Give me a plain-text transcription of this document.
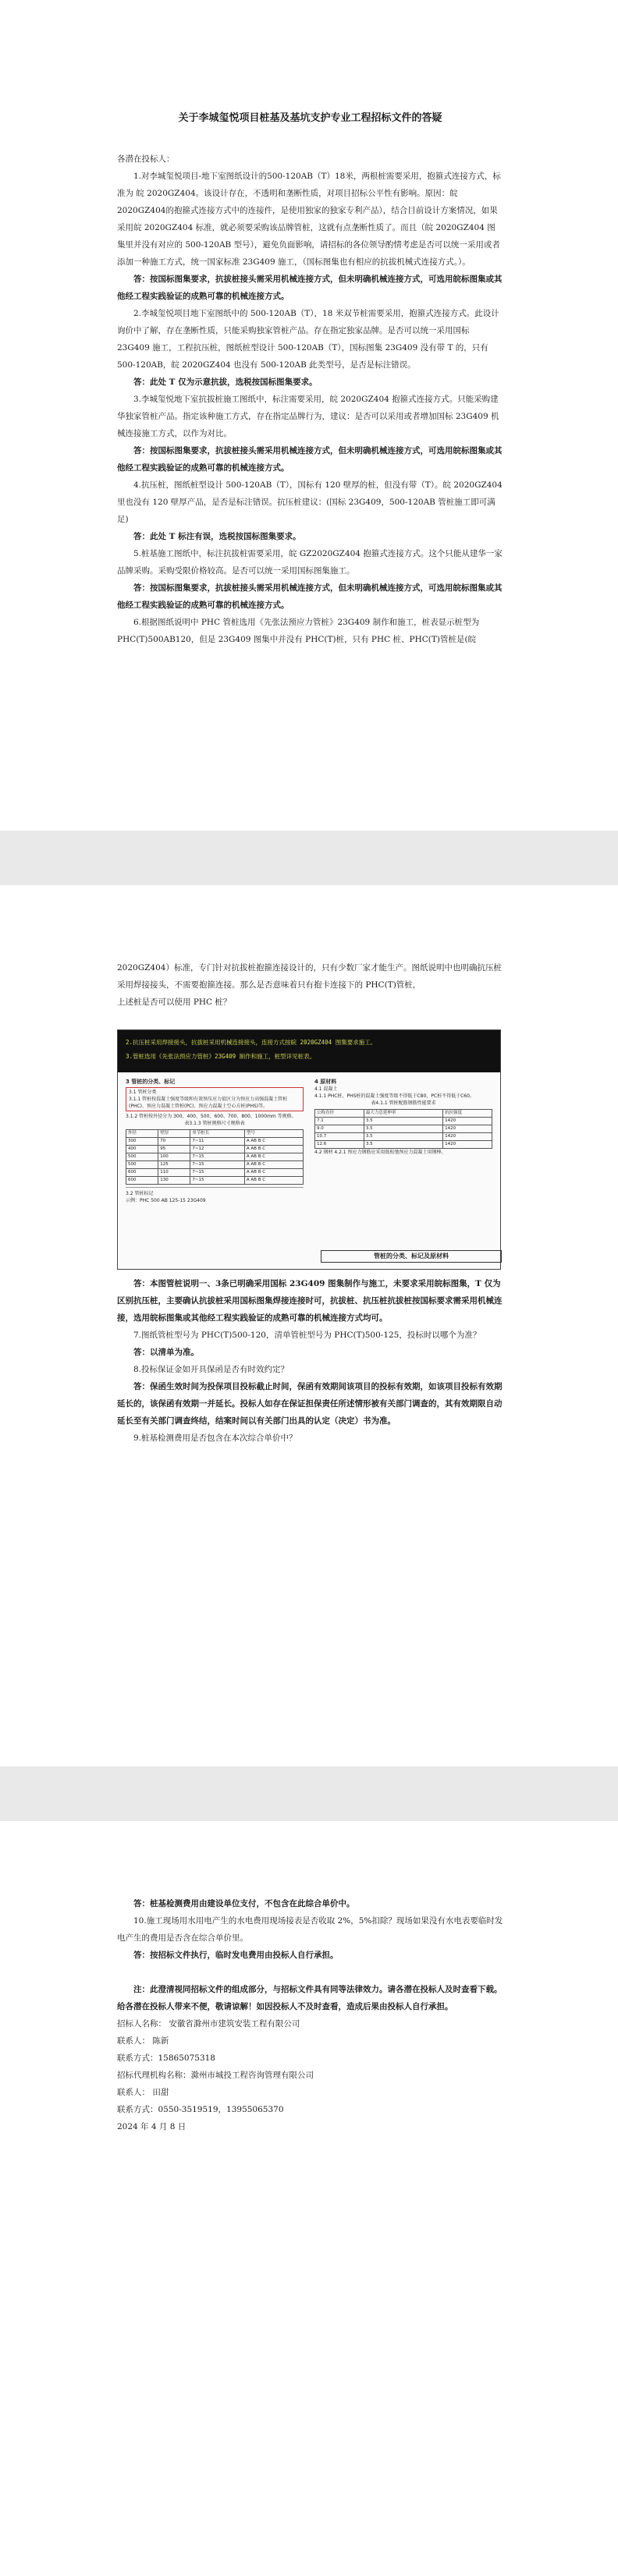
关于李城玺悦项目桩基及基坑支护专业工程招标文件的答疑

各潜在投标人：

1.对李城玺悦项目-地下室图纸设计的500-120AB（T）18米，两根桩需要采用，抱箍式连接方式，标准为 皖 2020GZ404。该设计存在，不透明和垄断性质，对项目招标公平性有影响。原因：皖 2020GZ404的抱箍式连接方式中的连接件，是使用独家的独家专利产品），结合目前设计方案情况，如果采用皖 2020GZ404 标准，就必须要采购该品牌管桩，这就有点垄断性质了。而且（皖 2020GZ404 图集里并没有对应的 500-120AB 型号），避免负面影响，请招标的各位领导酌情考虑是否可以统一采用或者添加一种施工方式，统一国家标准 23G409 施工，（国标图集也有相应的抗拔机械式连接方式。）。

答：按国标图集要求，抗拔桩接头需采用机械连接方式，但未明确机械连接方式，可选用皖标图集或其他经工程实践验证的成熟可靠的机械连接方式。

2.李城玺悦项目地下室图纸中的 500-120AB（T），18 米双节桩需要采用，抱箍式连接方式。此设计询价中了解，存在垄断性质，只能采购独家管桩产品。存在指定独家品牌。是否可以统一采用国标 23G409 施工，工程抗压桩，图纸桩型设计 500-120AB（T），国标图集 23G409 没有带 T 的，只有 500-120AB，皖 2020GZ404 也没有 500-120AB 此类型号，是否是标注错误。

答：此处 T 仅为示意抗拔，选税按国标图集要求。

3.李城玺悦地下室抗拔桩施工图纸中，标注需要采用，皖 2020GZ404 抱箍式连接方式。只能采购建华独家管桩产品。指定该种施工方式，存在指定品牌行为，建议：是否可以采用或者增加国标 23G409 机械连接施工方式，以作为对比。

答：按国标图集要求，抗拔桩接头需采用机械连接方式，但未明确机械连接方式，可选用皖标图集或其他经工程实践验证的成熟可靠的机械连接方式。

4.抗压桩，图纸桩型设计 500-120AB（T），国标有 120 壁厚的桩，但没有带（T）。皖 2020GZ404 里也没有 120 壁厚产品，是否是标注错误。抗压桩建议：(国标 23G409，500-120AB 管桩施工即可满足)

答：此处 T 标注有误，选税按国标图集要求。

5.桩基施工图纸中，标注抗拔桩需要采用，皖 GZ2020GZ404 抱箍式连接方式。这个只能从建华一家品牌采购。采购受限价格较高。是否可以统一采用国标图集施工。

答：按国标图集要求，抗拔桩接头需采用机械连接方式，但未明确机械连接方式，可选用皖标图集或其他经工程实践验证的成熟可靠的机械连接方式。

6.根据图纸说明中 PHC 管桩选用《先张法预应力管桩》23G409 制作和施工，桩表显示桩型为 PHC(T)500AB120，但是 23G409 图集中并没有 PHC(T)桩，只有 PHC 桩、PHC(T)管桩是(皖

2020GZ404）标准，专门针对抗拔桩抱箍连接设计的，只有少数厂家才能生产。图纸说明中也明确抗压桩采用焊接接头，不需要抱箍连接。那么是否意味着只有抱卡连接下的 PHC(T)管桩，

上述桩是否可以使用 PHC 桩？

2.抗压桩采用焊接接头，抗拔桩采用机械连接接头，连接方式按皖 2020GZ404 图集要求施工。
3.管桩选用《先张法预应力管桩》23G409 制作和施工，桩型详见桩表。
3 管桩的分类、标记
3.1 管桩分类
3.1.1 管桩按混凝土强度等级和有效预压应力值区分为预应力高强混凝土管桩(PHC)、预应力混凝土管桩(PC)、预应力混凝土空心方桩(PHS)等。
3.1.2 管桩按外径分为 300、400、500、600、700、800、1000mm 等规格。
表3.1.3 管桩规格尺寸规格表
外径	壁厚	单节桩长	型号
300	70	7~11	A AB B C
400	95	7~12	A AB B C
500	100	7~15	A AB B C
500	125	7~15	A AB B C
600	110	7~15	A AB B C
600	130	7~15	A AB B C
3.2 管桩标记
示例：PHC 500 AB 125-15 23G409
4 原材料
4.1 混凝土
4.1.1 PHC桩、PHS桩的混凝土强度等级不得低于C80，PC桩不得低于C60。
表4.1.1 管桩配筋钢筋性能要求
公称直径	最大力总延伸率	抗拉强度
7.1	3.5	1420
9.0	3.5	1420
10.7	3.5	1420
12.6	3.5	1420
4.2 钢材 4.2.1 预应力钢筋应采用低松弛预应力混凝土用钢棒。
管桩的分类、标记及原材料

答：本图管桩说明一、3条已明确采用国标 23G409 图集制作与施工，未要求采用皖标图集，T 仅为区别抗压桩，主要确认抗拔桩采用国标图集焊接连接时可，抗拔桩、抗压桩抗拔桩按国标要求需采用机械连接，选用皖标图集或其他经工程实践验证的成熟可靠的机械连接方式均可。

7.图纸管桩型号为 PHC(T)500-120，清单管桩型号为 PHC(T)500-125，投标时以哪个为准？

答：以清单为准。

8.投标保证金如开具保函是否有时效约定？

答：保函生效时间为投保项目投标截止时间，保函有效期间该项目的投标有效期，如该项目投标有效期延长的，该保函有效期一并延长。投标人如存在保证担保责任所述情形被有关部门调查的，其有效期限自动延长至有关部门调查终结，结案时间以有关部门出具的认定（决定）书为准。

9.桩基检测费用是否包含在本次综合单价中？

答：桩基检测费用由建设单位支付，不包含在此综合单价中。

10.施工现场用水用电产生的水电费用现场接表是否收取 2%，5%扣除？现场如果没有水电表要临时发电产生的费用是否含在综合单价里。

答：按招标文件执行，临时发电费用由投标人自行承担。

注：此澄清视同招标文件的组成部分，与招标文件具有同等法律效力。请各潜在投标人及时查看下载。给各潜在投标人带来不便，敬请谅解！如因投标人不及时查看，造成后果由投标人自行承担。

招标人名称： 安徽省滁州市建筑安装工程有限公司

联系人： 陈新

联系方式：15865075318

招标代理机构名称：滁州市城投工程咨询管理有限公司

联系人： 田甜

联系方式：0550-3519519，13955065370

2024 年 4 月 8 日
